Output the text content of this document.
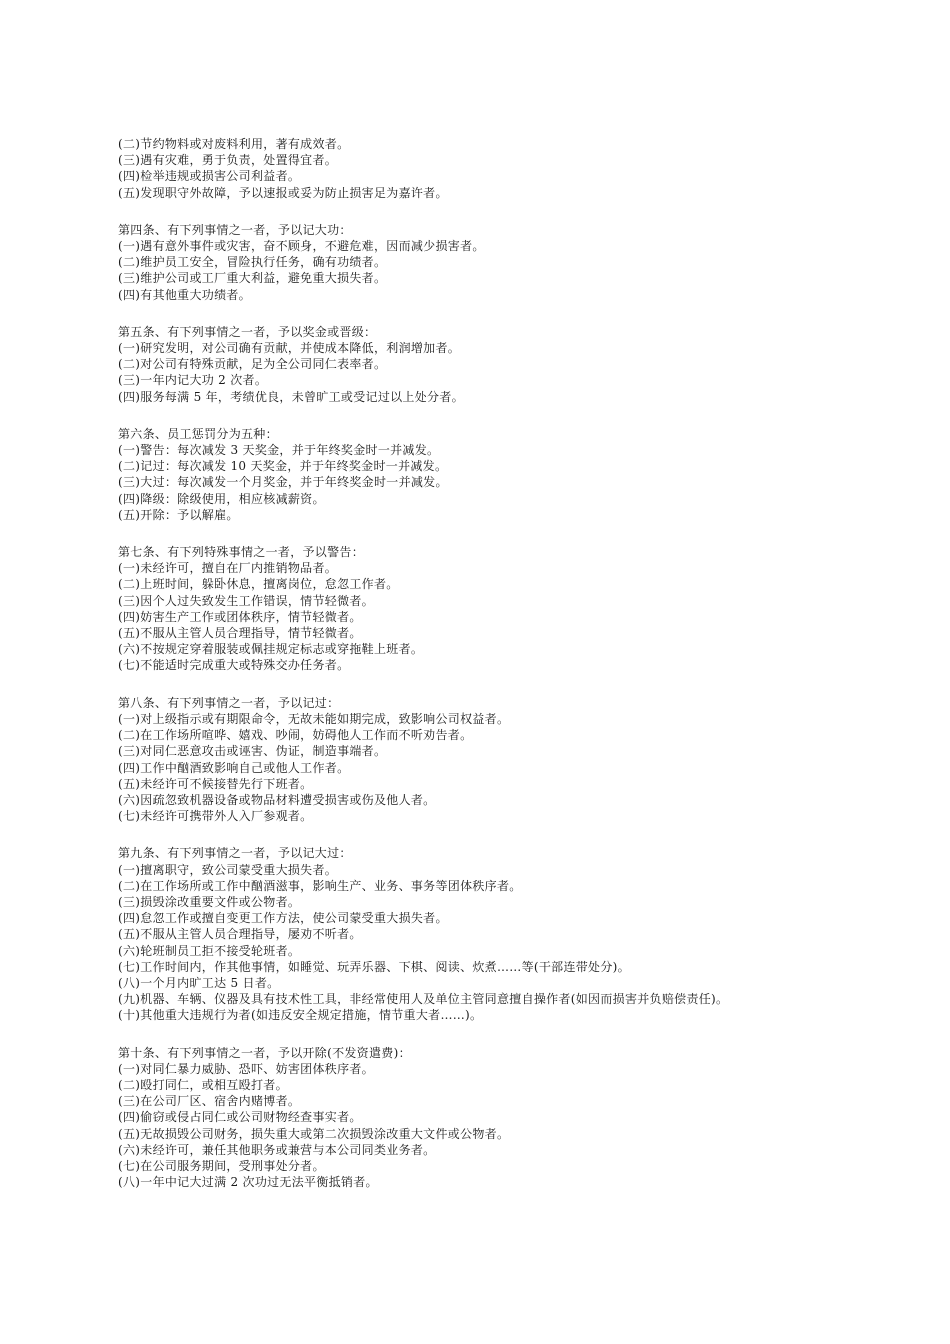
(二)节约物料或对废料利用，著有成效者。
(三)遇有灾难，勇于负责，处置得宜者。
(四)检举违规或损害公司利益者。
(五)发现职守外故障，予以速报或妥为防止损害足为嘉许者。
第四条、有下列事情之一者，予以记大功：
(一)遇有意外事件或灾害，奋不顾身，不避危难，因而减少损害者。
(二)维护员工安全，冒险执行任务，确有功绩者。
(三)维护公司或工厂重大利益，避免重大损失者。
(四)有其他重大功绩者。
第五条、有下列事情之一者，予以奖金或晋级：
(一)研究发明，对公司确有贡献，并使成本降低，利润增加者。
(二)对公司有特殊贡献，足为全公司同仁表率者。
(三)一年内记大功 2 次者。
(四)服务每满 5 年，考绩优良，未曾旷工或受记过以上处分者。
第六条、员工惩罚分为五种：
(一)警告：每次减发 3 天奖金，并于年终奖金时一并减发。
(二)记过：每次减发 10 天奖金，并于年终奖金时一并减发。
(三)大过：每次减发一个月奖金，并于年终奖金时一并减发。
(四)降级：除级使用，相应核减薪资。
(五)开除：予以解雇。
第七条、有下列特殊事情之一者，予以警告：
(一)未经许可，擅自在厂内推销物品者。
(二)上班时间，躲卧休息，擅离岗位，怠忽工作者。
(三)因个人过失致发生工作错误，情节轻微者。
(四)妨害生产工作或团体秩序，情节轻微者。
(五)不服从主管人员合理指导，情节轻微者。
(六)不按规定穿着服装或佩挂规定标志或穿拖鞋上班者。
(七)不能适时完成重大或特殊交办任务者。
第八条、有下列事情之一者，予以记过：
(一)对上级指示或有期限命令，无故未能如期完成，致影响公司权益者。
(二)在工作场所喧哗、嬉戏、吵闹，妨碍他人工作而不听劝告者。
(三)对同仁恶意攻击或诬害、伪证，制造事端者。
(四)工作中酗酒致影响自己或他人工作者。
(五)未经许可不候接替先行下班者。
(六)因疏忽致机器设备或物品材料遭受损害或伤及他人者。
(七)未经许可携带外人入厂参观者。
第九条、有下列事情之一者，予以记大过：
(一)擅离职守，致公司蒙受重大损失者。
(二)在工作场所或工作中酗酒滋事，影响生产、业务、事务等团体秩序者。
(三)损毁涂改重要文件或公物者。
(四)怠忽工作或擅自变更工作方法，使公司蒙受重大损失者。
(五)不服从主管人员合理指导，屡劝不听者。
(六)轮班制员工拒不接受轮班者。
(七)工作时间内，作其他事情，如睡觉、玩弄乐器、下棋、阅读、炊煮……等(干部连带处分)。
(八)一个月内旷工达 5 日者。
(九)机器、车辆、仪器及具有技术性工具，非经常使用人及单位主管同意擅自操作者(如因而损害并负赔偿责任)。
(十)其他重大违规行为者(如违反安全规定措施，情节重大者……)。
第十条、有下列事情之一者，予以开除(不发资遣费)：
(一)对同仁暴力威胁、恐吓、妨害团体秩序者。
(二)殴打同仁，或相互殴打者。
(三)在公司厂区、宿舍内赌博者。
(四)偷窃或侵占同仁或公司财物经查事实者。
(五)无故损毁公司财务，损失重大或第二次损毁涂改重大文件或公物者。
(六)未经许可，兼任其他职务或兼营与本公司同类业务者。
(七)在公司服务期间，受刑事处分者。
(八)一年中记大过满 2 次功过无法平衡抵销者。
